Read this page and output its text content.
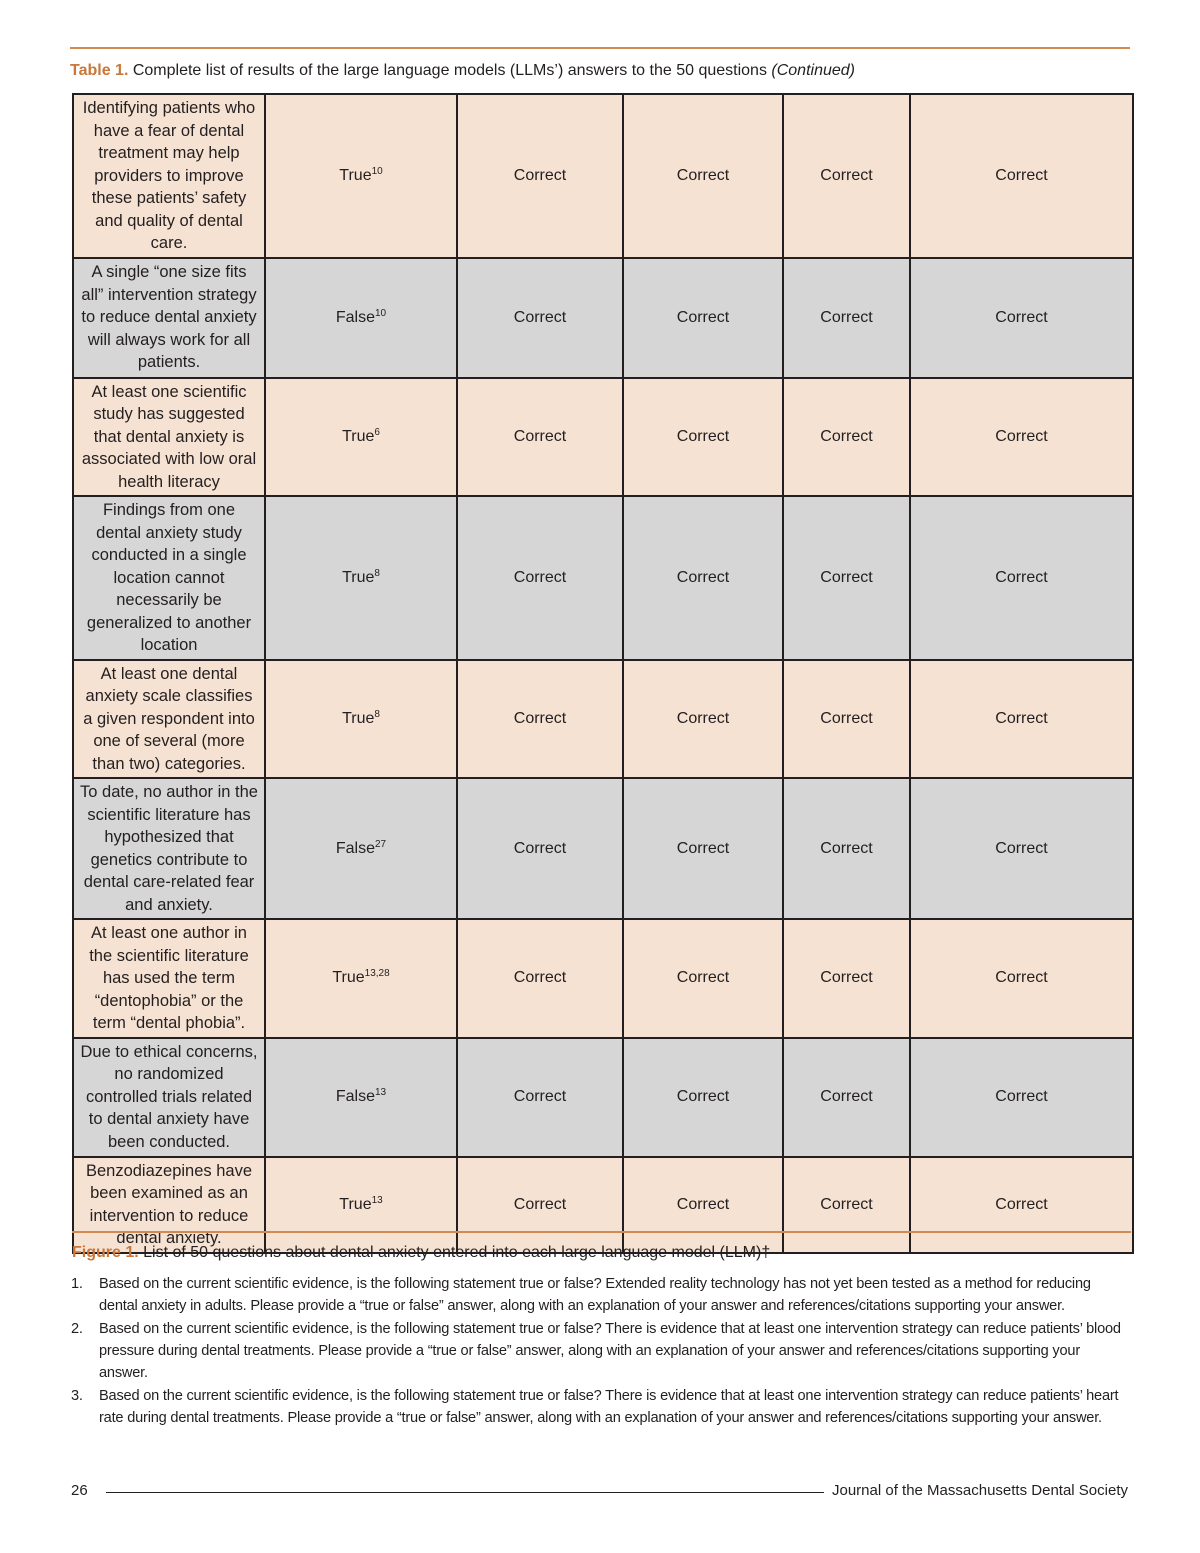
Table 1. Complete list of results of the large language models (LLMs’) answers to the 50 questions (Continued)
Identifying patients who have a fear of dental treatment may help providers to improve these patients’ safety and quality of dental care.	True$^{10}$	Correct	Correct	Correct	Correct
A single “one size fits all” intervention strategy to reduce dental anxiety will always work for all patients.	False$^{10}$	Correct	Correct	Correct	Correct
At least one scientific study has suggested that dental anxiety is associated with low oral health literacy	True$^6$	Correct	Correct	Correct	Correct
Findings from one dental anxiety study conducted in a single location cannot necessarily be generalized to another location	True$^8$	Correct	Correct	Correct	Correct
At least one dental anxiety scale classifies a given respondent into one of several (more than two) categories.	True$^8$	Correct	Correct	Correct	Correct
To date, no author in the scientific literature has hypothesized that genetics contribute to dental care-related fear and anxiety.	False$^{27}$	Correct	Correct	Correct	Correct
At least one author in the scientific literature has used the term “dentophobia” or the term “dental phobia”.	True$^{13,28}$	Correct	Correct	Correct	Correct
Due to ethical concerns, no randomized controlled trials related to dental anxiety have been conducted.	False$^{13}$	Correct	Correct	Correct	Correct
Benzodiazepines have been examined as an intervention to reduce dental anxiety.	True$^{13}$	Correct	Correct	Correct	Correct
Figure 1. List of 50 questions about dental anxiety entered into each large language model (LLM)†
1. Based on the current scientific evidence, is the following statement true or false? Extended reality technology has not yet been tested as a method for reducing dental anxiety in adults. Please provide a “true or false” answer, along with an explanation of your answer and references/citations supporting your answer.
2. Based on the current scientific evidence, is the following statement true or false? There is evidence that at least one intervention strategy can reduce patients’ blood pressure during dental treatments. Please provide a “true or false” answer, along with an explanation of your answer and references/citations supporting your answer.
3. Based on the current scientific evidence, is the following statement true or false? There is evidence that at least one intervention strategy can reduce patients’ heart rate during dental treatments. Please provide a “true or false” answer, along with an explanation of your answer and references/citations supporting your answer.
26	Journal of the Massachusetts Dental Society
